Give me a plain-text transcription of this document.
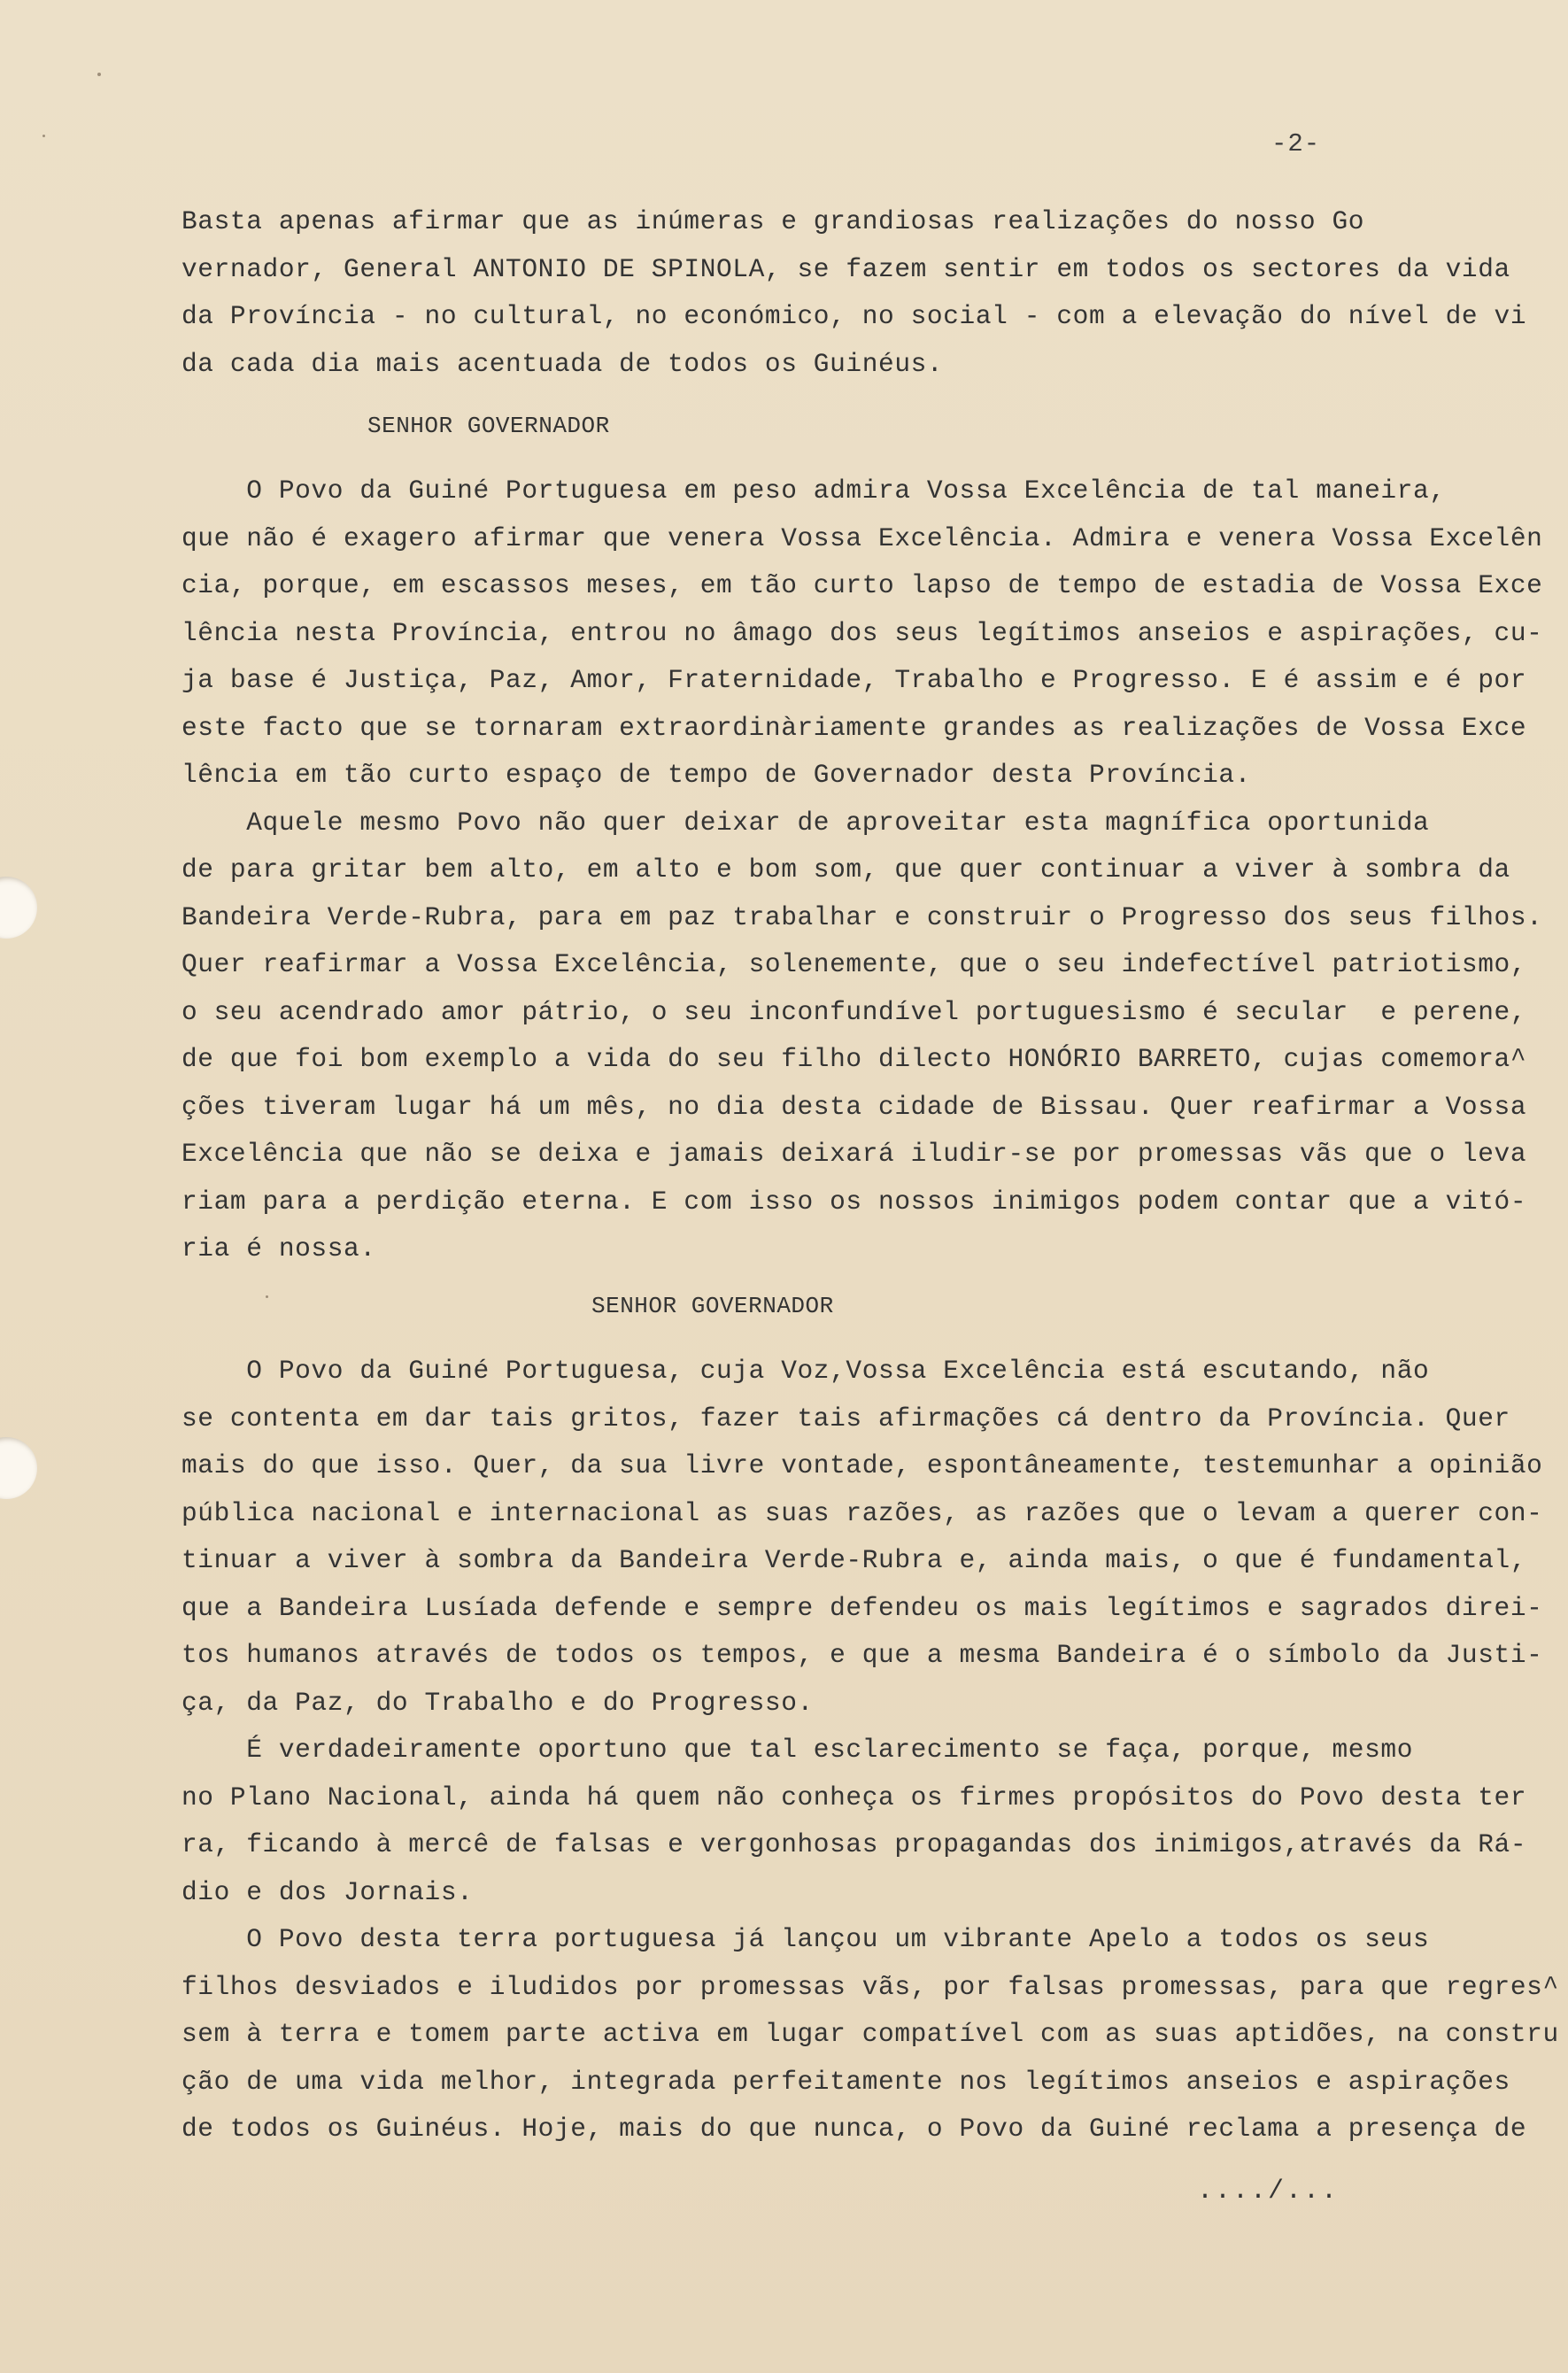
-2-
Basta apenas afirmar que as inúmeras e grandiosas realizações do nosso Go
vernador, General ANTONIO DE SPINOLA, se fazem sentir em todos os sectores da vida
da Província - no cultural, no económico, no social - com a elevação do nível de vi
da cada dia mais acentuada de todos os Guinéus.
SENHOR GOVERNADOR
O Povo da Guiné Portuguesa em peso admira Vossa Excelência de tal maneira,
que não é exagero afirmar que venera Vossa Excelência. Admira e venera Vossa Excelên
cia, porque, em escassos meses, em tão curto lapso de tempo de estadia de Vossa Exce
lência nesta Província, entrou no âmago dos seus legítimos anseios e aspirações, cu-
ja base é Justiça, Paz, Amor, Fraternidade, Trabalho e Progresso. E é assim e é por
este facto que se tornaram extraordinàriamente grandes as realizações de Vossa Exce
lência em tão curto espaço de tempo de Governador desta Província.
Aquele mesmo Povo não quer deixar de aproveitar esta magnífica oportunida
de para gritar bem alto, em alto e bom som, que quer continuar a viver à sombra da
Bandeira Verde-Rubra, para em paz trabalhar e construir o Progresso dos seus filhos.
Quer reafirmar a Vossa Excelência, solenemente, que o seu indefectível patriotismo,
o seu acendrado amor pátrio, o seu inconfundível portuguesismo é secular  e perene,
de que foi bom exemplo a vida do seu filho dilecto HONÓRIO BARRETO, cujas comemora^
ções tiveram lugar há um mês, no dia desta cidade de Bissau. Quer reafirmar a Vossa
Excelência que não se deixa e jamais deixará iludir-se por promessas vãs que o leva
riam para a perdição eterna. E com isso os nossos inimigos podem contar que a vitó-
ria é nossa.
SENHOR GOVERNADOR
O Povo da Guiné Portuguesa, cuja Voz,Vossa Excelência está escutando, não
se contenta em dar tais gritos, fazer tais afirmações cá dentro da Província. Quer
mais do que isso. Quer, da sua livre vontade, espontâneamente, testemunhar a opinião
pública nacional e internacional as suas razões, as razões que o levam a querer con-
tinuar a viver à sombra da Bandeira Verde-Rubra e, ainda mais, o que é fundamental,
que a Bandeira Lusíada defende e sempre defendeu os mais legítimos e sagrados direi-
tos humanos através de todos os tempos, e que a mesma Bandeira é o símbolo da Justi-
ça, da Paz, do Trabalho e do Progresso.
É verdadeiramente oportuno que tal esclarecimento se faça, porque, mesmo
no Plano Nacional, ainda há quem não conheça os firmes propósitos do Povo desta ter
ra, ficando à mercê de falsas e vergonhosas propagandas dos inimigos,através da Rá-
dio e dos Jornais.
O Povo desta terra portuguesa já lançou um vibrante Apelo a todos os seus
filhos desviados e iludidos por promessas vãs, por falsas promessas, para que regres^
sem à terra e tomem parte activa em lugar compatível com as suas aptidões, na constru
ção de uma vida melhor, integrada perfeitamente nos legítimos anseios e aspirações
de todos os Guinéus. Hoje, mais do que nunca, o Povo da Guiné reclama a presença de
..../...
